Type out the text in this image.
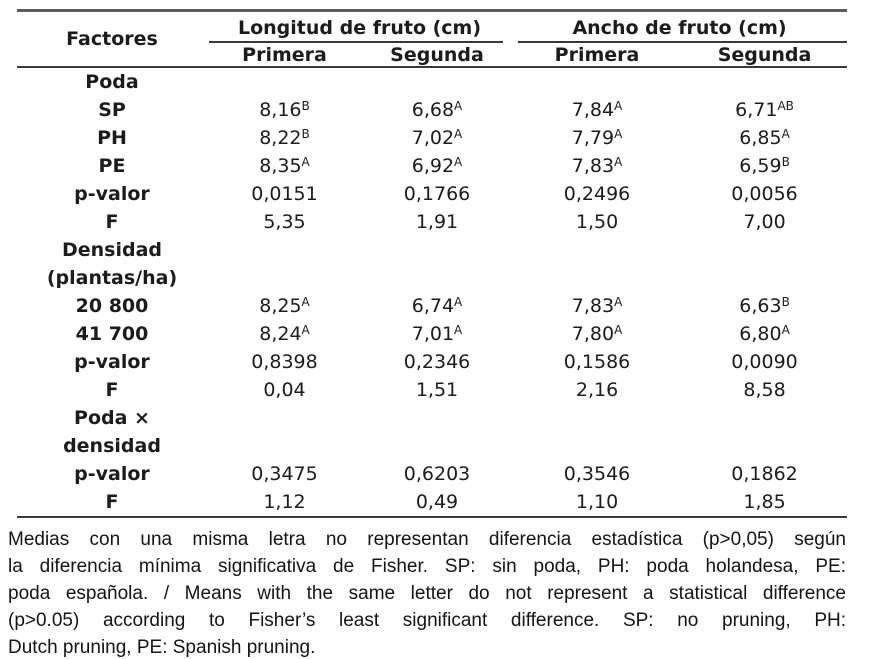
Factores	Longitud de fruto (cm)		Ancho de fruto (cm)	
	Primera	Segunda	Primera	Segunda
Poda				
SP	$8,16^B$	$6,68^A$	$7,84^A$	$6,71^{AB}$
PH	$8,22^B$	$7,02^A$	$7,79^A$	$6,85^A$
PE	$8,35^A$	$6,92^A$	$7,83^A$	$6,59^B$
p-valor	0,0151	0,1766	0,2496	0,0056
F	5,35	1,91	1,50	7,00
Densidad				
(plantas/ha)				
20 800	$8,25^A$	$6,74^A$	$7,83^A$	$6,63^B$
41 700	$8,24^A$	$7,01^A$	$7,80^A$	$6,80^A$
p-valor	0,8398	0,2346	0,1586	0,0090
F	0,04	1,51	2,16	8,58
Poda ×				
densidad				
p-valor	0,3475	0,6203	0,3546	0,1862
F	1,12	0,49	1,10	1,85
Medias con una misma letra no representan diferencia estadística (p>0,05) según
la diferencia mínima significativa de Fisher. SP: sin poda, PH: poda holandesa, PE:
poda española. / Means with the same letter do not represent a statistical difference
(p>0.05) according to Fisher’s least significant difference. SP: no pruning, PH:
Dutch pruning, PE: Spanish pruning.
